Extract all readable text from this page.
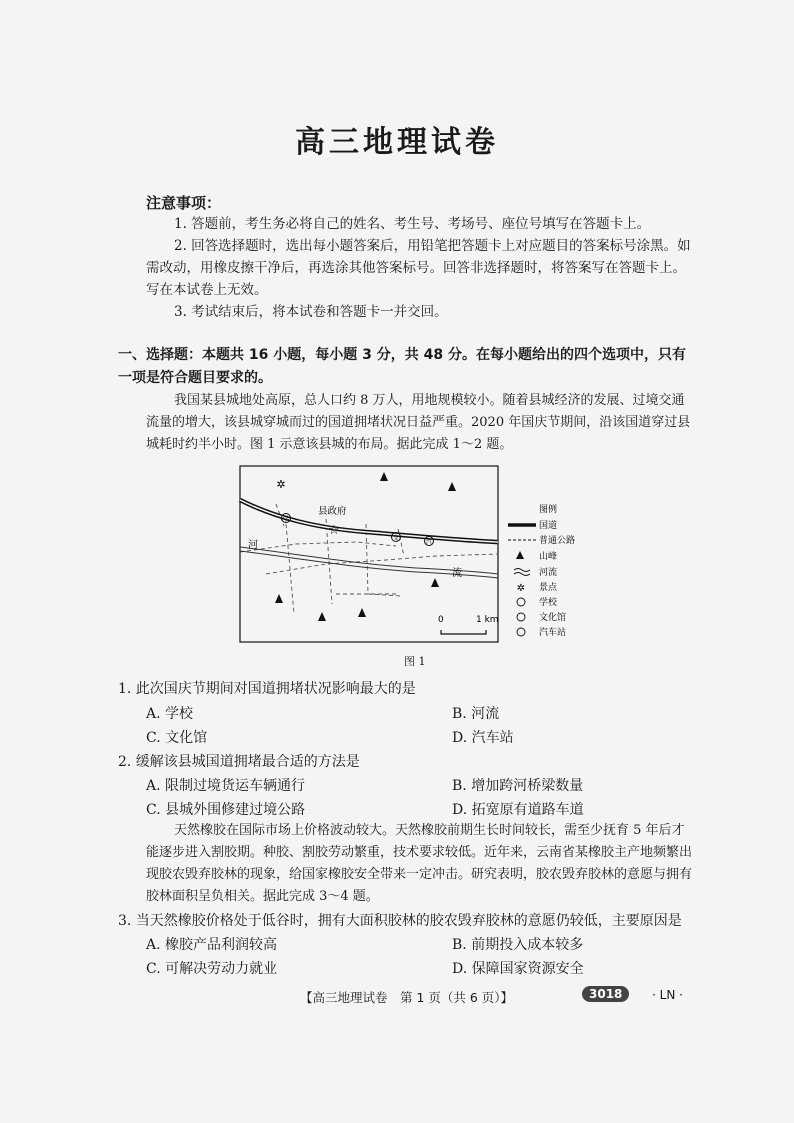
高三地理试卷
注意事项：
1. 答题前，考生务必将自己的姓名、考生号、考场号、座位号填写在答题卡上。
2. 回答选择题时，选出每小题答案后，用铅笔把答题卡上对应题目的答案标号涂黑。如需改动，用橡皮擦干净后，再选涂其他答案标号。回答非选择题时，将答案写在答题卡上。写在本试卷上无效。
3. 考试结束后，将本试卷和答题卡一并交回。
一、选择题：本题共 16 小题，每小题 3 分，共 48 分。在每小题给出的四个选项中，只有一项是符合题目要求的。
我国某县城地处高原，总人口约 8 万人，用地规模较小。随着县城经济的发展、过境交通流量的增大，该县城穿城而过的国道拥堵状况日益严重。2020 年国庆节期间，沿该国道穿过县城耗时约半小时。图 1 示意该县城的布局。据此完成 1～2 题。
✲
学
☆
县政府
文
汽
河
流
0	1 km
图例
国道
普通公路
山峰
河流
✲ 景点
学校
文化馆
汽车站
图 1
1. 此次国庆节期间对国道拥堵状况影响最大的是
A. 学校	B. 河流
C. 文化馆	D. 汽车站
2. 缓解该县城国道拥堵最合适的方法是
A. 限制过境货运车辆通行	B. 增加跨河桥梁数量
C. 县城外围修建过境公路	D. 拓宽原有道路车道
天然橡胶在国际市场上价格波动较大。天然橡胶前期生长时间较长，需至少抚育 5 年后才能逐步进入割胶期。种胶、割胶劳动繁重，技术要求较低。近年来，云南省某橡胶主产地频繁出现胶农毁弃胶林的现象，给国家橡胶安全带来一定冲击。研究表明，胶农毁弃胶林的意愿与拥有胶林面积呈负相关。据此完成 3～4 题。
3. 当天然橡胶价格处于低谷时，拥有大面积胶林的胶农毁弃胶林的意愿仍较低，主要原因是
A. 橡胶产品利润较高	B. 前期投入成本较多
C. 可解决劳动力就业	D. 保障国家资源安全
【高三地理试卷　第 1 页（共 6 页）】	3018	· LN ·
